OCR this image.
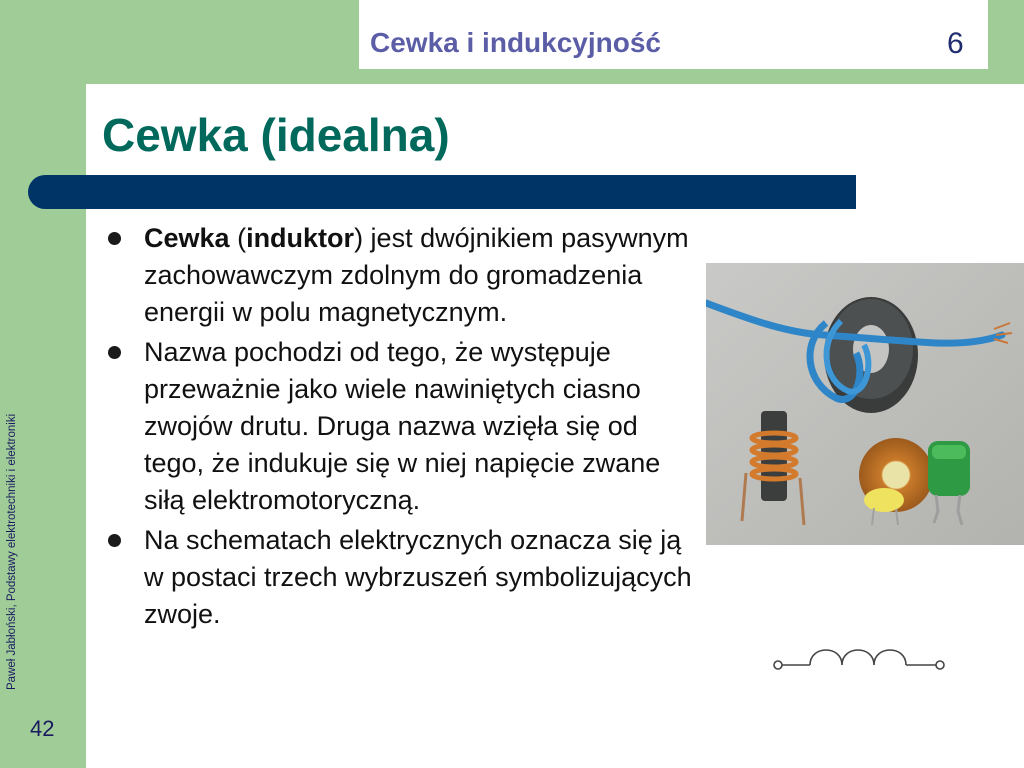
Cewka i indukcyjność	6
Cewka (idealna)
Paweł Jabłoński, Podstawy elektrotechniki i elektroniki
42
Cewka (induktor) jest dwójnikiem pasywnym zachowawczym zdolnym do gromadzenia energii w polu magnetycznym.
Nazwa pochodzi od tego, że występuje przeważnie jako wiele nawiniętych ciasno zwojów drutu. Druga nazwa wzięła się od tego, że indukuje się w niej napięcie zwane siłą elektromotoryczną.
Na schematach elektrycznych oznacza się ją w postaci trzech wybrzuszeń symbolizujących zwoje.
